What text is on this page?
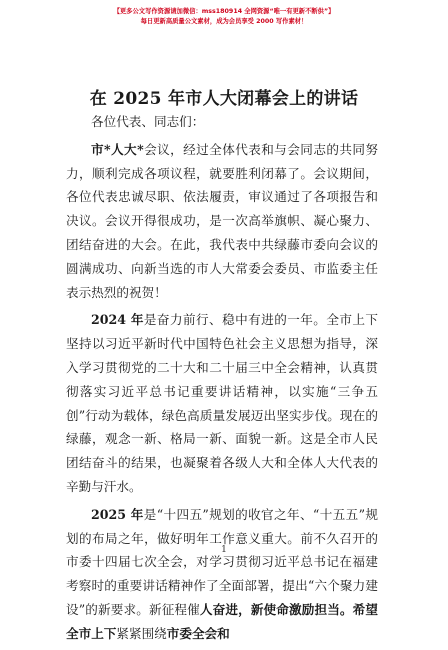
【更多公文写作资源请加微信：mss180914 全网资源“唯一有更新不断供”】
每日更新高质量公文素材，成为会员享受 2000 写作素材！
在 2025 年市人大闭幕会上的讲话

各位代表、同志们：

市*人大*会议，经过全体代表和与会同志的共同努力，顺利完成各项议程，就要胜利闭幕了。会议期间，各位代表忠诚尽职、依法履责，审议通过了各项报告和决议。会议开得很成功，是一次高举旗帜、凝心聚力、团结奋进的大会。在此，我代表中共绿藤市委向会议的圆满成功、向新当选的市人大常委会委员、市监委主任表示热烈的祝贺！

2024 年是奋力前行、稳中有进的一年。全市上下坚持以习近平新时代中国特色社会主义思想为指导，深入学习贯彻党的二十大和二十届三中全会精神，认真贯彻落实习近平总书记重要讲话精神，以实施“三争五创”行动为载体，绿色高质量发展迈出坚实步伐。现在的绿藤，观念一新、格局一新、面貌一新。这是全市人民团结奋斗的结果，也凝聚着各级人大和全体人大代表的辛勤与汗水。

2025 年是“十四五”规划的收官之年、“十五五”规划的布局之年，做好明年工作意义重大。前不久召开的市委十四届七次全会，对学习贯彻习近平总书记在福建考察时的重要讲话精神作了全面部署，提出“六个聚力建设”的新要求。新征程催人奋进，新使命激励担当。希望全市上下紧紧围绕市委全会和

1
